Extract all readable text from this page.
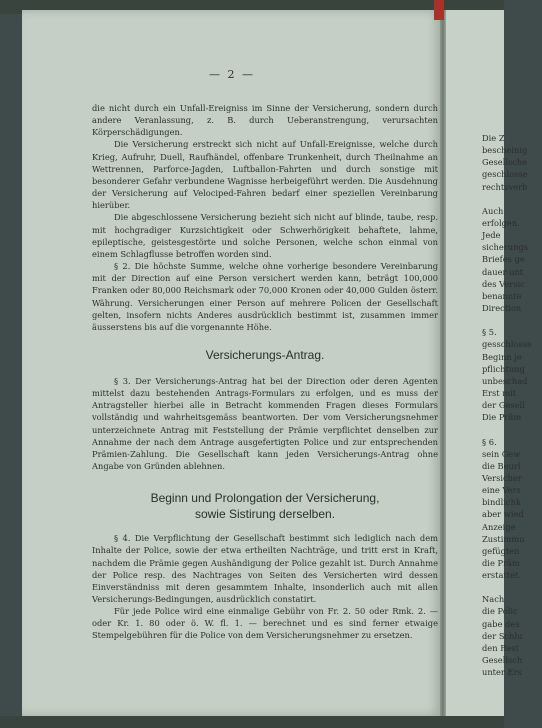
— 2 —

die nicht durch ein Unfall-Ereigniss im Sinne der Versicherung, sondern durch andere Veranlassung, z. B. durch Ueberanstrengung, verursachten Körperschädigungen.

Die Versicherung erstreckt sich nicht auf Unfall-Ereignisse, welche durch Krieg, Aufruhr, Duell, Raufhändel, offenbare Trunkenheit, durch Theilnahme an Wettrennen, Parforce-Jagden, Luftballon-Fahrten und durch sonstige mit besonderer Gefahr verbundene Wagnisse herbeigeführt werden. Die Ausdehnung der Versicherung auf Velociped-Fahren bedarf einer speziellen Vereinbarung hierüber.

Die abgeschlossene Versicherung bezieht sich nicht auf blinde, taube, resp. mit hochgradiger Kurzsichtigkeit oder Schwerhörigkeit behaftete, lahme, epileptische, geistesgestörte und solche Personen, welche schon einmal von einem Schlagflusse betroffen worden sind.

§ 2. Die höchste Summe, welche ohne vorherige besondere Vereinbarung mit der Direction auf eine Person versichert werden kann, beträgt 100,000 Franken oder 80,000 Reichsmark oder 70,000 Kronen oder 40,000 Gulden österr. Währung. Versicherungen einer Person auf mehrere Policen der Gesellschaft gelten, insofern nichts Anderes ausdrücklich bestimmt ist, zusammen immer äusserstens bis auf die vorgenannte Höhe.

Versicherungs-Antrag.

§ 3. Der Versicherungs-Antrag hat bei der Direction oder deren Agenten mittelst dazu bestehenden Antrags-Formulars zu erfolgen, und es muss der Antragsteller hierbei alle in Betracht kommenden Fragen dieses Formulars vollständig und wahrheitsgemäss beantworten. Der vom Versicherungsnehmer unterzeichnete Antrag mit Feststellung der Prämie verpflichtet denselben zur Annahme der nach dem Antrage ausgefertigten Police und zur entsprechenden Prämien-Zahlung. Die Gesellschaft kann jeden Versicherungs-Antrag ohne Angabe von Gründen ablehnen.

Beginn und Prolongation der Versicherung,
sowie Sistirung derselben.

§ 4. Die Verpflichtung der Gesellschaft bestimmt sich lediglich nach dem Inhalte der Police, sowie der etwa ertheilten Nachträge, und tritt erst in Kraft, nachdem die Prämie gegen Aushändigung der Police gezahlt ist. Durch Annahme der Police resp. des Nachtrages von Seiten des Versicherten wird dessen Einverständniss mit deren gesammtem Inhalte, insonderlich auch mit allen Versicherungs-Bedingungen, ausdrücklich constatirt.

Für jede Police wird eine einmalige Gebühr von Fr. 2. 50 oder Rmk. 2. — oder Kr. 1. 80 oder ö. W. fl. 1. — berechnet und es sind ferner etwaige Stempelgebühren für die Police von dem Versicherungsnehmer zu ersetzen.

Die Z
bescheinig
Gesellsche
geschlosse
rechtsverb
Auch
erfolgen.
Jede
sicherungs
Briefes ge
dauer unt
des Versic
benannte
Direction
§ 5.
gesschlosse
Beginn je
pflichtung
unbeschad
Erst mit
der Gesell
Die Präm
§ 6.
sein Gew
die Beurl
Versicher
eine Vers
bindlichk
aber wied
Anzeige
Zustimmu
gefügten
die Präm
erstattet.
Nach
die Polic
gabe des
der Schlu
den Rest
Gesellsch
unter Ers
